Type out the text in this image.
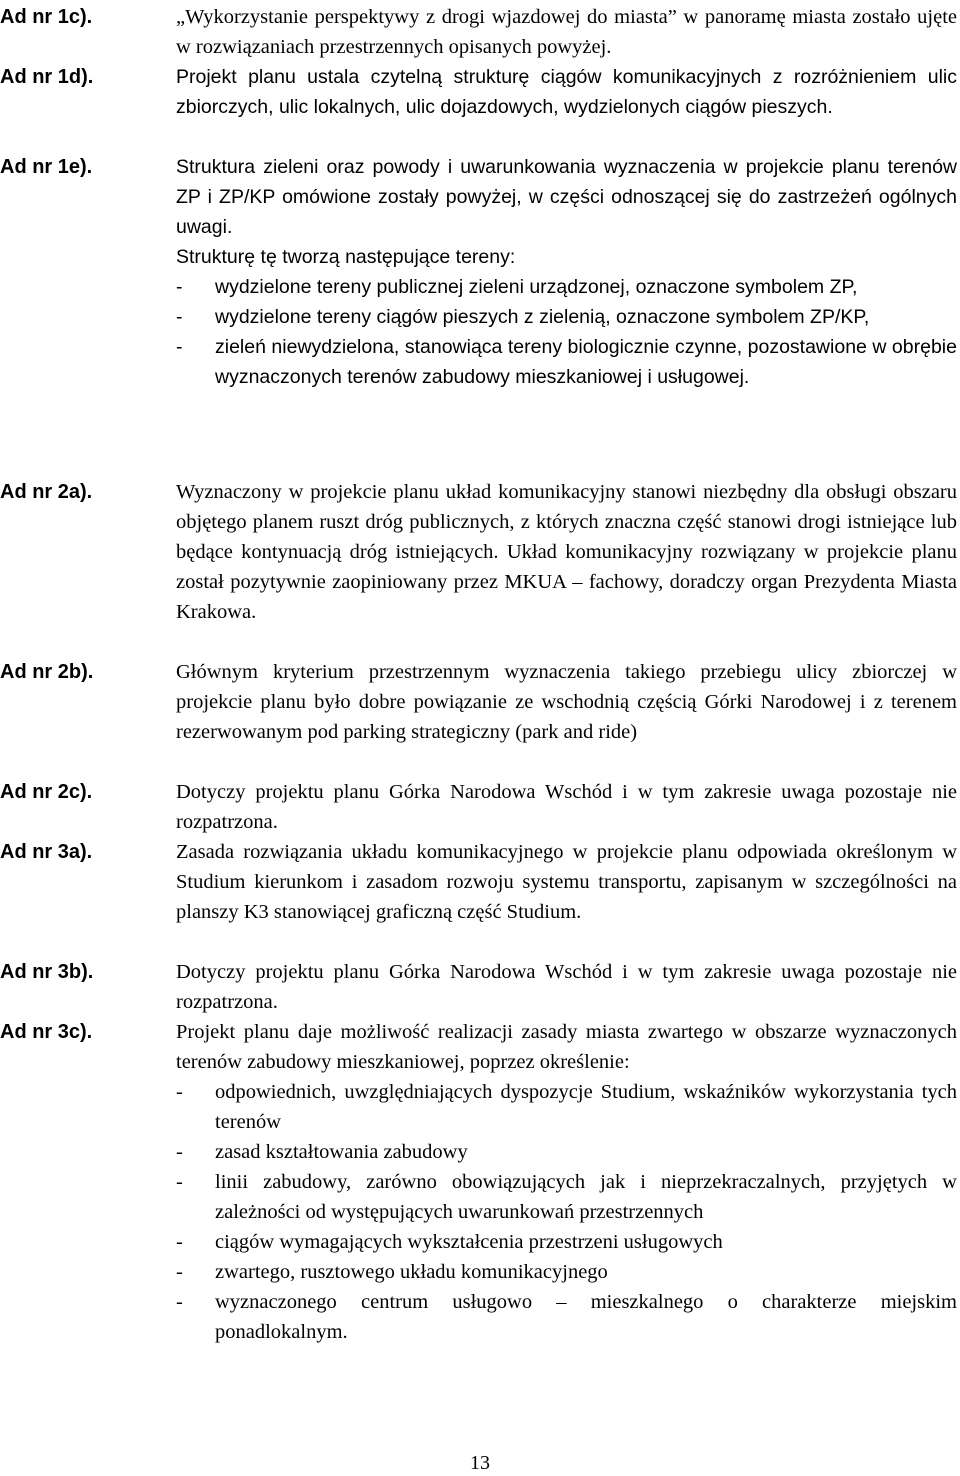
Ad nr 1c).	„Wykorzystanie perspektywy z drogi wjazdowej do miasta” w panoramę miasta zostało ujęte w rozwiązaniach przestrzennych opisanych powyżej.

Ad nr 1d).	Projekt planu ustala czytelną strukturę ciągów komunikacyjnych z rozróżnieniem ulic zbiorczych, ulic lokalnych, ulic dojazdowych, wydzielonych ciągów pieszych.

Ad nr 1e).	Struktura zieleni oraz powody i uwarunkowania wyznaczenia w projekcie planu terenów ZP i ZP/KP omówione zostały powyżej, w części odnoszącej się do zastrzeżeń ogólnych uwagi.

Strukturę tę tworzą następujące tereny:

- wydzielone tereny publicznej zieleni urządzonej, oznaczone symbolem ZP,
- wydzielone tereny ciągów pieszych z zielenią, oznaczone symbolem ZP/KP,
- zieleń niewydzielona, stanowiąca tereny biologicznie czynne, pozostawione w obrębie wyznaczonych terenów zabudowy mieszkaniowej i usługowej.
Ad nr 2a).	Wyznaczony w projekcie planu układ komunikacyjny stanowi niezbędny dla obsługi obszaru objętego planem ruszt dróg publicznych, z których znaczna część stanowi drogi istniejące lub będące kontynuacją dróg istniejących. Układ komunikacyjny rozwiązany w projekcie planu został pozytywnie zaopiniowany przez MKUA – fachowy, doradczy organ Prezydenta Miasta Krakowa.

Ad nr 2b).	Głównym kryterium przestrzennym wyznaczenia takiego przebiegu ulicy zbiorczej w projekcie planu było dobre powiązanie ze wschodnią częścią Górki Narodowej i z terenem rezerwowanym pod parking strategiczny (park and ride)

Ad nr 2c).	Dotyczy projektu planu Górka Narodowa Wschód i w tym zakresie uwaga pozostaje nie rozpatrzona.

Ad nr 3a).	Zasada rozwiązania układu komunikacyjnego w projekcie planu odpowiada określonym w Studium kierunkom i zasadom rozwoju systemu transportu, zapisanym w szczególności na planszy K3 stanowiącej graficzną część Studium.

Ad nr 3b).	Dotyczy projektu planu Górka Narodowa Wschód i w tym zakresie uwaga pozostaje nie rozpatrzona.

Ad nr 3c).	Projekt planu daje możliwość realizacji zasady miasta zwartego w obszarze wyznaczonych terenów zabudowy mieszkaniowej, poprzez określenie:

- odpowiednich, uwzględniających dyspozycje Studium, wskaźników wykorzystania tych terenów
- zasad kształtowania zabudowy
- linii zabudowy, zarówno obowiązujących jak i nieprzekraczalnych, przyjętych w zależności od występujących uwarunkowań przestrzennych
- ciągów wymagających wykształcenia przestrzeni usługowych
- zwartego, rusztowego układu komunikacyjnego
- wyznaczonego centrum usługowo – mieszkalnego o charakterze miejskim ponadlokalnym.
13
